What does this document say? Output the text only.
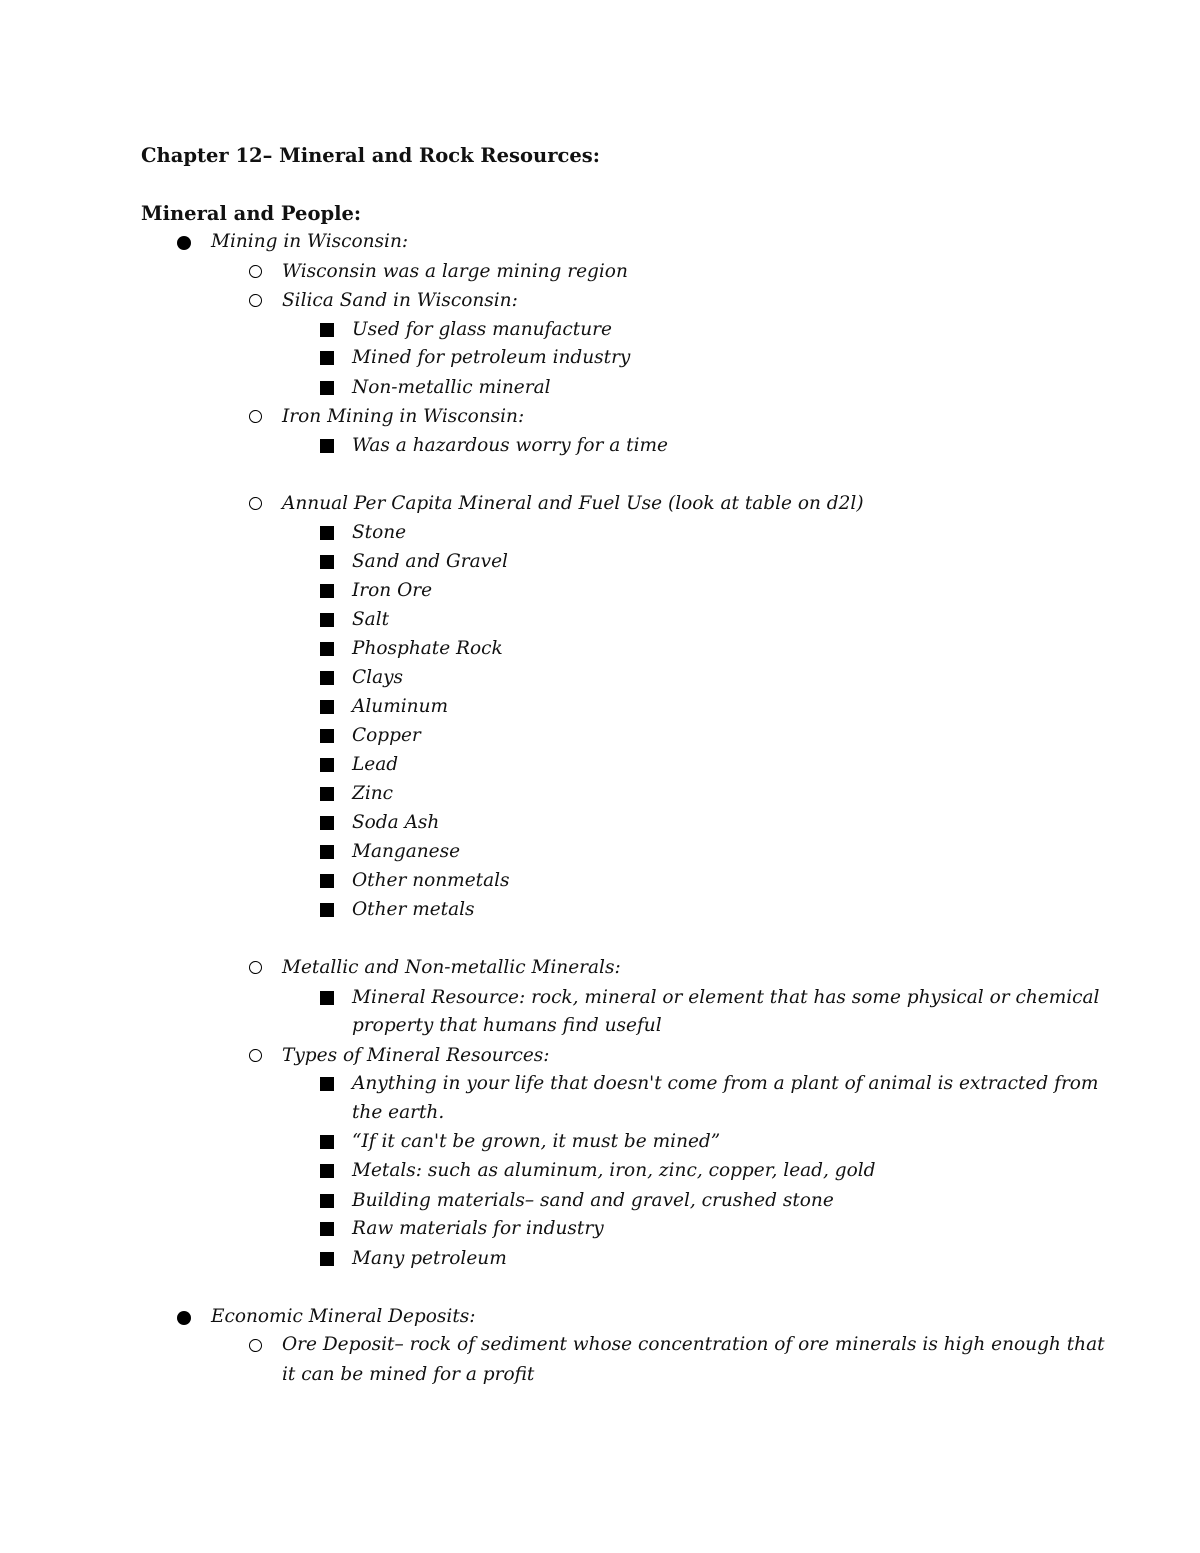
Chapter 12– Mineral and Rock Resources:
Mineral and People:
Mining in Wisconsin:
Wisconsin was a large mining region
Silica Sand in Wisconsin:
Used for glass manufacture
Mined for petroleum industry
Non-metallic mineral
Iron Mining in Wisconsin:
Was a hazardous worry for a time
Annual Per Capita Mineral and Fuel Use (look at table on d2l)
Stone
Sand and Gravel
Iron Ore
Salt
Phosphate Rock
Clays
Aluminum
Copper
Lead
Zinc
Soda Ash
Manganese
Other nonmetals
Other metals
Metallic and Non-metallic Minerals:
Mineral Resource: rock, mineral or element that has some physical or chemical
property that humans find useful
Types of Mineral Resources:
Anything in your life that doesn't come from a plant of animal is extracted from
the earth.
“If it can't be grown, it must be mined”
Metals: such as aluminum, iron, zinc, copper, lead, gold
Building materials– sand and gravel, crushed stone
Raw materials for industry
Many petroleum
Economic Mineral Deposits:
Ore Deposit– rock of sediment whose concentration of ore minerals is high enough that
it can be mined for a profit
